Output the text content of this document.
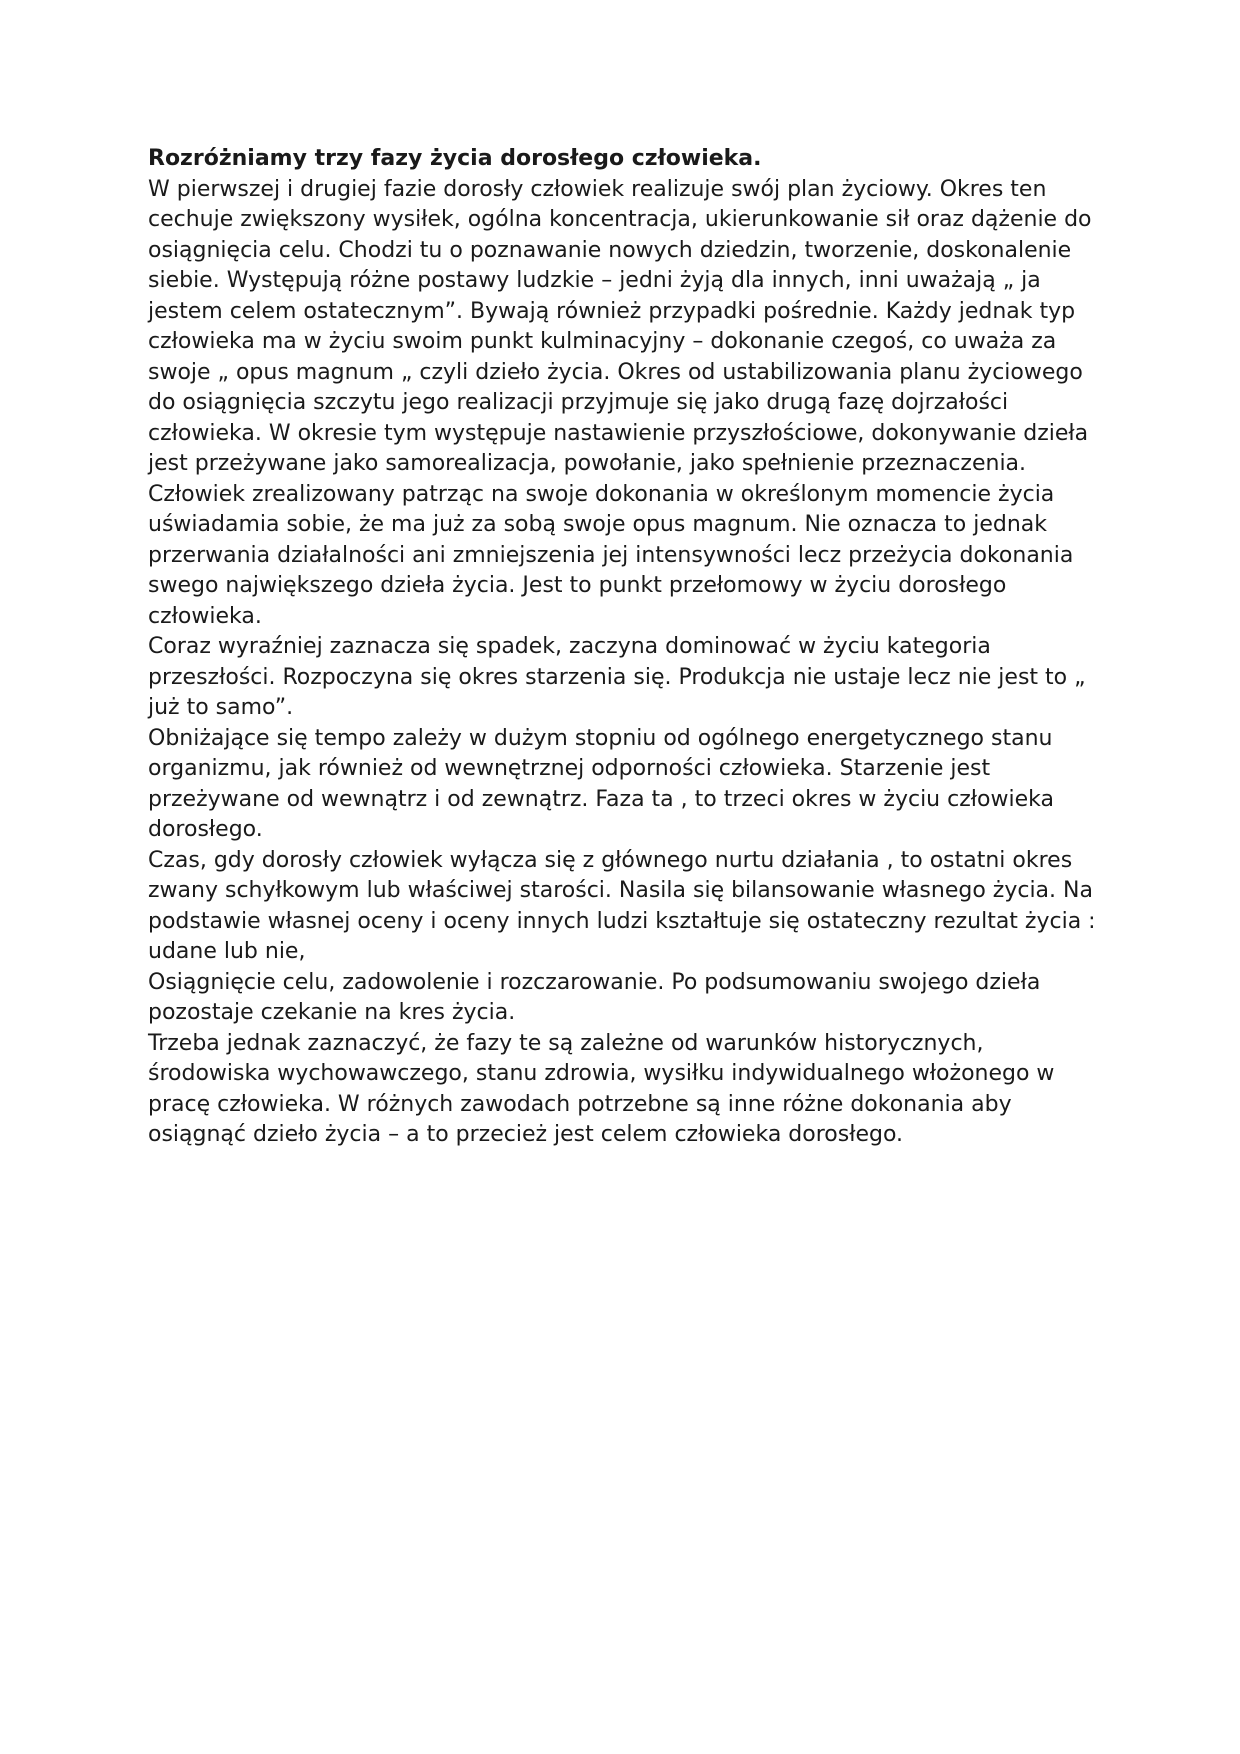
Rozróżniamy trzy fazy życia dorosłego człowieka.

W pierwszej i drugiej fazie dorosły człowiek realizuje swój plan życiowy. Okres ten cechuje zwiększony wysiłek, ogólna koncentracja, ukierunkowanie sił oraz dążenie do osiągnięcia celu. Chodzi tu o poznawanie nowych dziedzin, tworzenie, doskonalenie siebie. Występują różne postawy ludzkie – jedni żyją dla innych, inni uważają „ ja jestem celem ostatecznym”. Bywają również przypadki pośrednie. Każdy jednak typ człowieka ma w życiu swoim punkt kulminacyjny – dokonanie czegoś, co uważa za swoje „ opus magnum „ czyli dzieło życia. Okres od ustabilizowania planu życiowego do osiągnięcia szczytu jego realizacji przyjmuje się jako drugą fazę dojrzałości człowieka. W okresie tym występuje nastawienie przyszłościowe, dokonywanie dzieła jest przeżywane jako samorealizacja, powołanie, jako spełnienie przeznaczenia.

Człowiek zrealizowany patrząc na swoje dokonania w określonym momencie życia uświadamia sobie, że ma już za sobą swoje opus magnum. Nie oznacza to jednak przerwania działalności ani zmniejszenia jej intensywności lecz przeżycia dokonania swego największego dzieła życia. Jest to punkt przełomowy w życiu dorosłego człowieka.

Coraz wyraźniej zaznacza się spadek, zaczyna dominować w życiu kategoria przeszłości. Rozpoczyna się okres starzenia się. Produkcja nie ustaje lecz nie jest to „ już to samo”.

Obniżające się tempo zależy w dużym stopniu od ogólnego energetycznego stanu organizmu, jak również od wewnętrznej odporności człowieka. Starzenie jest przeżywane od wewnątrz i od zewnątrz. Faza ta , to trzeci okres w życiu człowieka dorosłego.

Czas, gdy dorosły człowiek wyłącza się z głównego nurtu działania , to ostatni okres zwany schyłkowym lub właściwej starości. Nasila się bilansowanie własnego życia. Na podstawie własnej oceny i oceny innych ludzi kształtuje się ostateczny rezultat życia : udane lub nie,

Osiągnięcie celu, zadowolenie i rozczarowanie. Po podsumowaniu swojego dzieła pozostaje czekanie na kres życia.

Trzeba jednak zaznaczyć, że fazy te są zależne od warunków historycznych, środowiska wychowawczego, stanu zdrowia, wysiłku indywidualnego włożonego w pracę człowieka. W różnych zawodach potrzebne są inne różne dokonania aby osiągnąć dzieło życia – a to przecież jest celem człowieka dorosłego.
